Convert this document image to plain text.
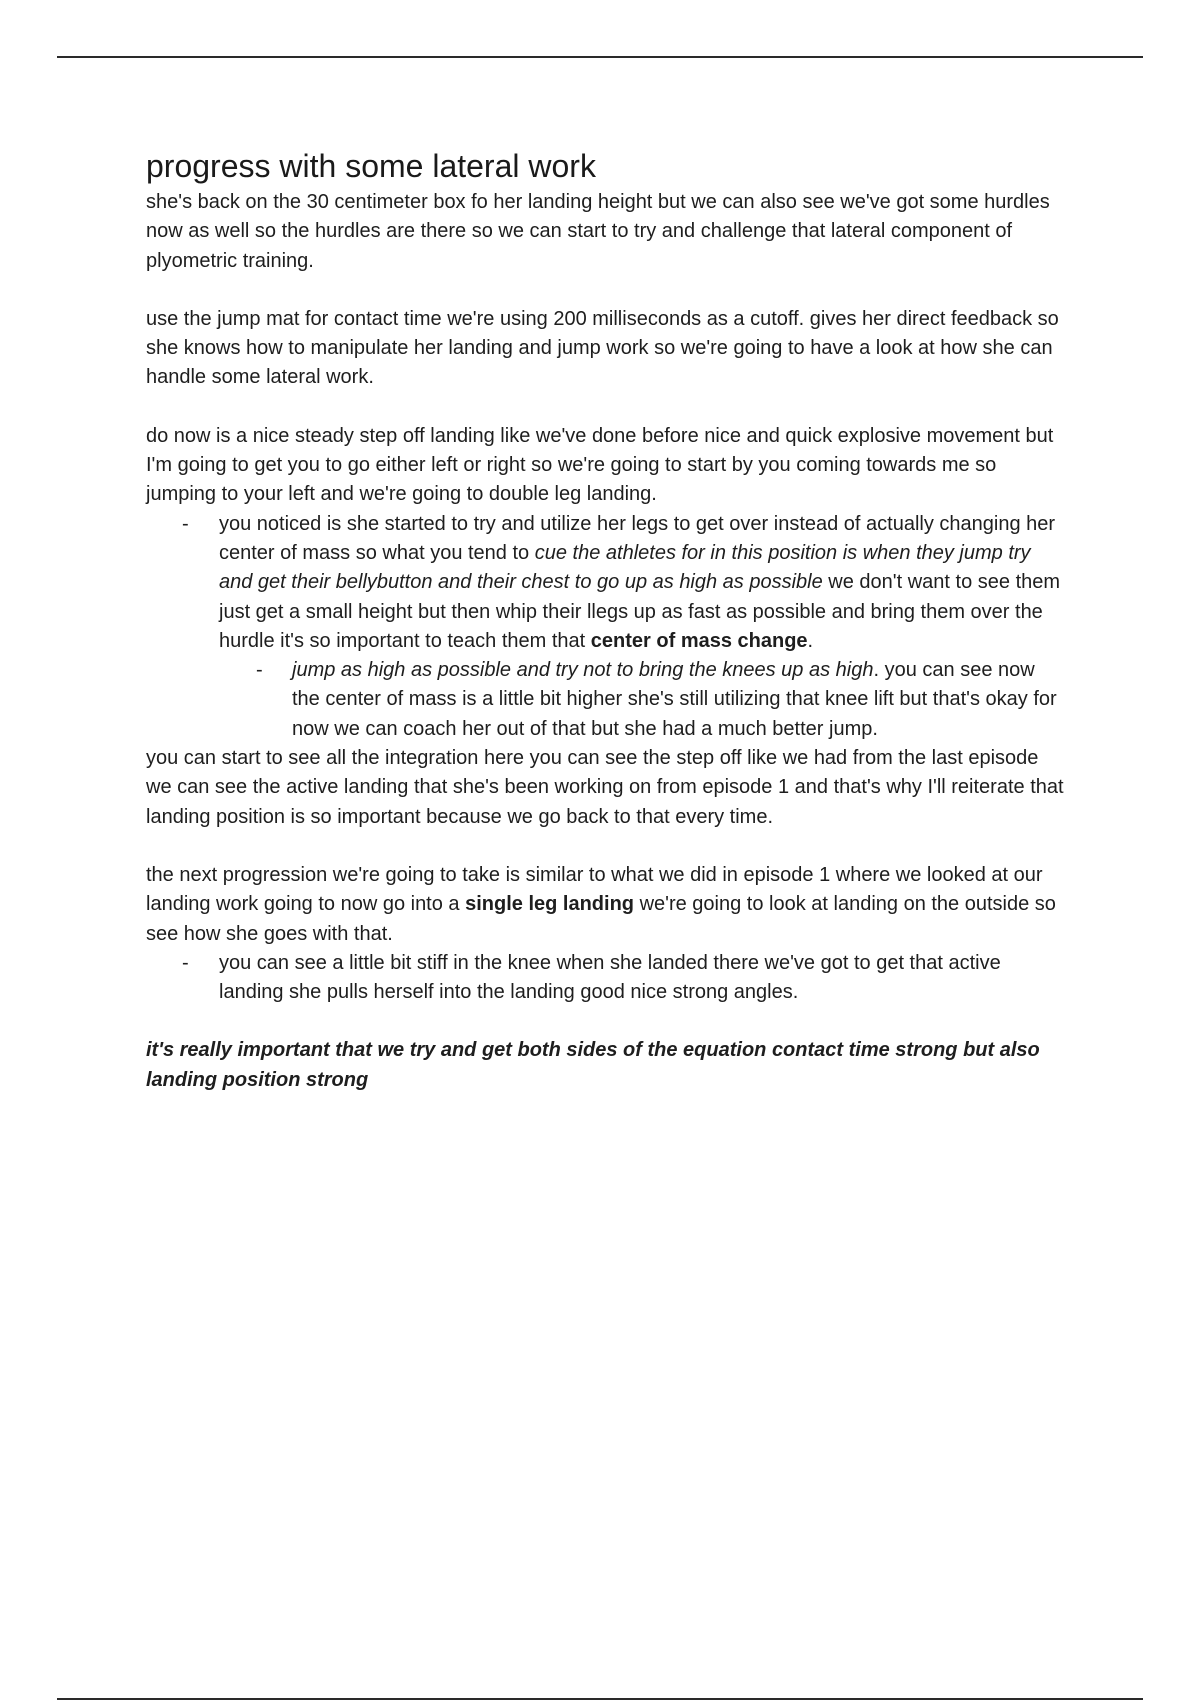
progress with some lateral work

she's back on the 30 centimeter box fo her landing height but we can also see we've got some hurdles now as well so the hurdles are there so we can start to try and challenge that lateral component of plyometric training.

use the jump mat for contact time we're using 200 milliseconds as a cutoff. gives her direct feedback so she knows how to manipulate her landing and jump work so we're going to have a look at how she can handle some lateral work.

do now is a nice steady step off landing like we've done before nice and quick explosive movement but I'm going to get you to go either left or right so we're going to start by you coming towards me so jumping to your left and we're going to double leg landing.

- you noticed is she started to try and utilize her legs to get over instead of actually changing her center of mass so what you tend to cue the athletes for in this position is when they jump try and get their bellybutton and their chest to go up as high as possible we don't want to see them just get a small height but then whip their llegs up as fast as possible and bring them over the hurdle it's so important to teach them that center of mass change.
- jump as high as possible and try not to bring the knees up as high. you can see now the center of mass is a little bit higher she's still utilizing that knee lift but that's okay for now we can coach her out of that but she had a much better jump.

you can start to see all the integration here you can see the step off like we had from the last episode we can see the active landing that she's been working on from episode 1 and that's why I'll reiterate that landing position is so important because we go back to that every time.

the next progression we're going to take is similar to what we did in episode 1 where we looked at our landing work going to now go into a single leg landing we're going to look at landing on the outside so see how she goes with that.

- you can see a little bit stiff in the knee when she landed there we've got to get that active landing she pulls herself into the landing good nice strong angles.

it's really important that we try and get both sides of the equation contact time strong but also landing position strong
